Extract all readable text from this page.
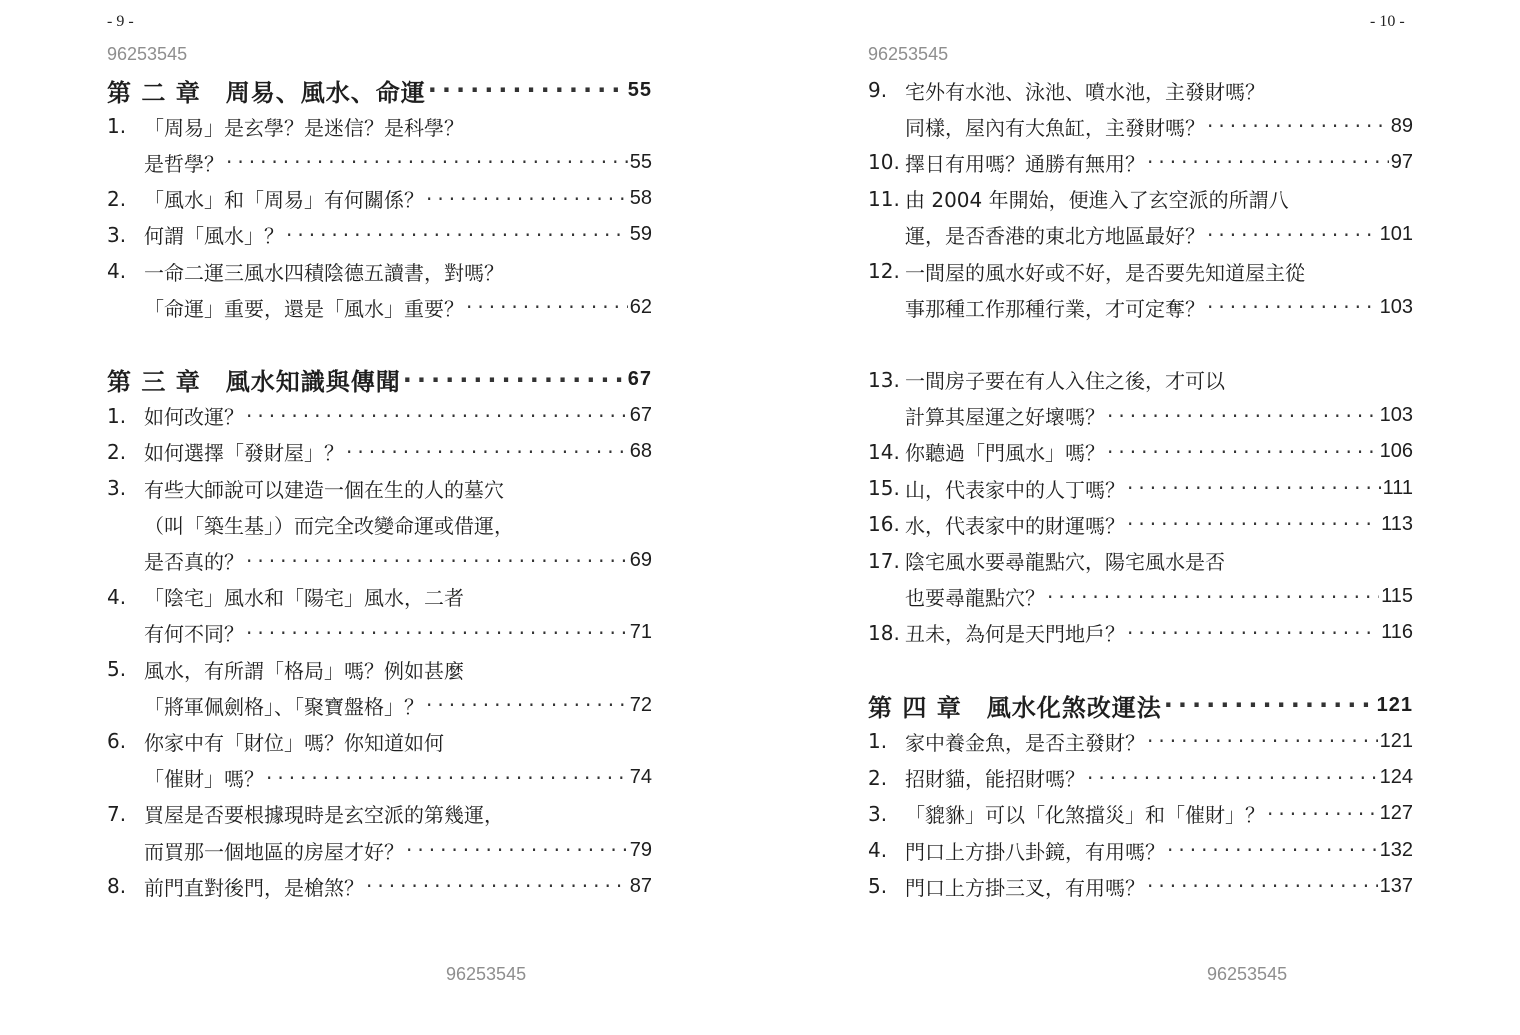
- 9 -
96253545
第 二 章　周易、風水、命運 ·····	55
1. 「周易」是玄學？是迷信？是科學？
是哲學？ ·····	55
2. 「風水」和「周易」有何關係？ ·····	58
3. 何謂「風水」？ ·····	59
4. 一命二運三風水四積陰德五讀書，對嗎？
「命運」重要，還是「風水」重要？ ·····	62
第 三 章　風水知識與傳聞 ·····	67
1. 如何改運？ ·····	67
2. 如何選擇「發財屋」？ ·····	68
3. 有些大師說可以建造一個在生的人的墓穴
（叫「築生基」）而完全改變命運或借運，
是否真的？ ·····	69
4. 「陰宅」風水和「陽宅」風水，二者
有何不同？ ·····	71
5. 風水，有所謂「格局」嗎？例如甚麼
「將軍佩劍格」、「聚寶盤格」？ ·····	72
6. 你家中有「財位」嗎？你知道如何
「催財」嗎？ ·····	74
7. 買屋是否要根據現時是玄空派的第幾運，
而買那一個地區的房屋才好？ ·····	79
8. 前門直對後門，是槍煞？ ·····	87
96253545
- 10 -
96253545
9. 宅外有水池、泳池、噴水池，主發財嗎？
同樣，屋內有大魚缸，主發財嗎？ ·····	89
10. 擇日有用嗎？通勝有無用？ ·····	97
11. 由 2004 年開始，便進入了玄空派的所謂八
運，是否香港的東北方地區最好？ ·····	101
12. 一間屋的風水好或不好，是否要先知道屋主從
事那種工作那種行業，才可定奪？ ·····	103
13. 一間房子要在有人入住之後，才可以
計算其屋運之好壞嗎？ ·····	103
14. 你聽過「門風水」嗎？ ·····	106
15. 山，代表家中的人丁嗎？ ·····	111
16. 水，代表家中的財運嗎？ ·····	113
17. 陰宅風水要尋龍點穴，陽宅風水是否
也要尋龍點穴？ ·····	115
18. 丑未，為何是天門地戶？ ·····	116
第 四 章　風水化煞改運法 ·····	121
1. 家中養金魚，是否主發財？ ·····	121
2. 招財貓，能招財嗎？ ·····	124
3. 「貔貅」可以「化煞擋災」和「催財」？ ·····	127
4. 門口上方掛八卦鏡，有用嗎？ ·····	132
5. 門口上方掛三叉，有用嗎？ ·····	137
96253545
